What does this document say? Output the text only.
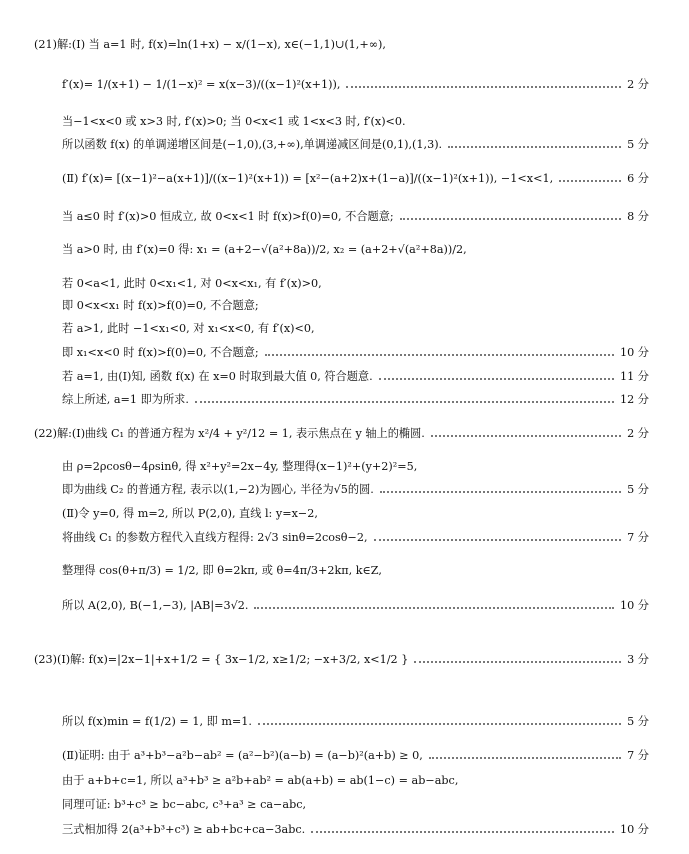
(21)解:(Ⅰ) 当 a=1 时, f(x)=ln(1+x) − x/(1−x), x∈(−1,1)∪(1,+∞),
f′(x)= 1/(x+1) − 1/(1−x)² = x(x−3)/((x−1)²(x+1)),	2 分
当−1<x<0 或 x>3 时, f′(x)>0; 当 0<x<1 或 1<x<3 时, f′(x)<0.
所以函数 f(x) 的单调递增区间是(−1,0),(3,+∞),单调递减区间是(0,1),(1,3).	5 分
(Ⅱ) f′(x)= [(x−1)²−a(x+1)]/((x−1)²(x+1)) = [x²−(a+2)x+(1−a)]/((x−1)²(x+1)), −1<x<1,	6 分
当 a≤0 时 f′(x)>0 恒成立, 故 0<x<1 时 f(x)>f(0)=0, 不合题意;	8 分
当 a>0 时, 由 f′(x)=0 得: x₁ = (a+2−√(a²+8a))/2, x₂ = (a+2+√(a²+8a))/2,
若 0<a<1, 此时 0<x₁<1, 对 0<x<x₁, 有 f′(x)>0,
即 0<x<x₁ 时 f(x)>f(0)=0, 不合题意;
若 a>1, 此时 −1<x₁<0, 对 x₁<x<0, 有 f′(x)<0,
即 x₁<x<0 时 f(x)>f(0)=0, 不合题意;	10 分
若 a=1, 由(Ⅰ)知, 函数 f(x) 在 x=0 时取到最大值 0, 符合题意.	11 分
综上所述, a=1 即为所求.	12 分
(22)解:(Ⅰ)曲线 C₁ 的普通方程为 x²/4 + y²/12 = 1, 表示焦点在 y 轴上的椭圆.	2 分
由 ρ=2ρcosθ−4ρsinθ, 得 x²+y²=2x−4y, 整理得(x−1)²+(y+2)²=5,
即为曲线 C₂ 的普通方程, 表示以(1,−2)为圆心, 半径为√5的圆.	5 分
(Ⅱ)令 y=0, 得 m=2, 所以 P(2,0), 直线 l: y=x−2,
将曲线 C₁ 的参数方程代入直线方程得: 2√3 sinθ=2cosθ−2,	7 分
整理得 cos(θ+π/3) = 1/2, 即 θ=2kπ, 或 θ=4π/3+2kπ, k∈Z,
所以 A(2,0), B(−1,−3), |AB|=3√2.	10 分
(23)(Ⅰ)解: f(x)=|2x−1|+x+1/2 = { 3x−1/2, x≥1/2; −x+3/2, x<1/2 }	3 分
所以 f(x)min = f(1/2) = 1, 即 m=1.	5 分
(Ⅱ)证明: 由于 a³+b³−a²b−ab² = (a²−b²)(a−b) = (a−b)²(a+b) ≥ 0,	7 分
由于 a+b+c=1, 所以 a³+b³ ≥ a²b+ab² = ab(a+b) = ab(1−c) = ab−abc,
同理可证: b³+c³ ≥ bc−abc, c³+a³ ≥ ca−abc,
三式相加得 2(a³+b³+c³) ≥ ab+bc+ca−3abc.	10 分
